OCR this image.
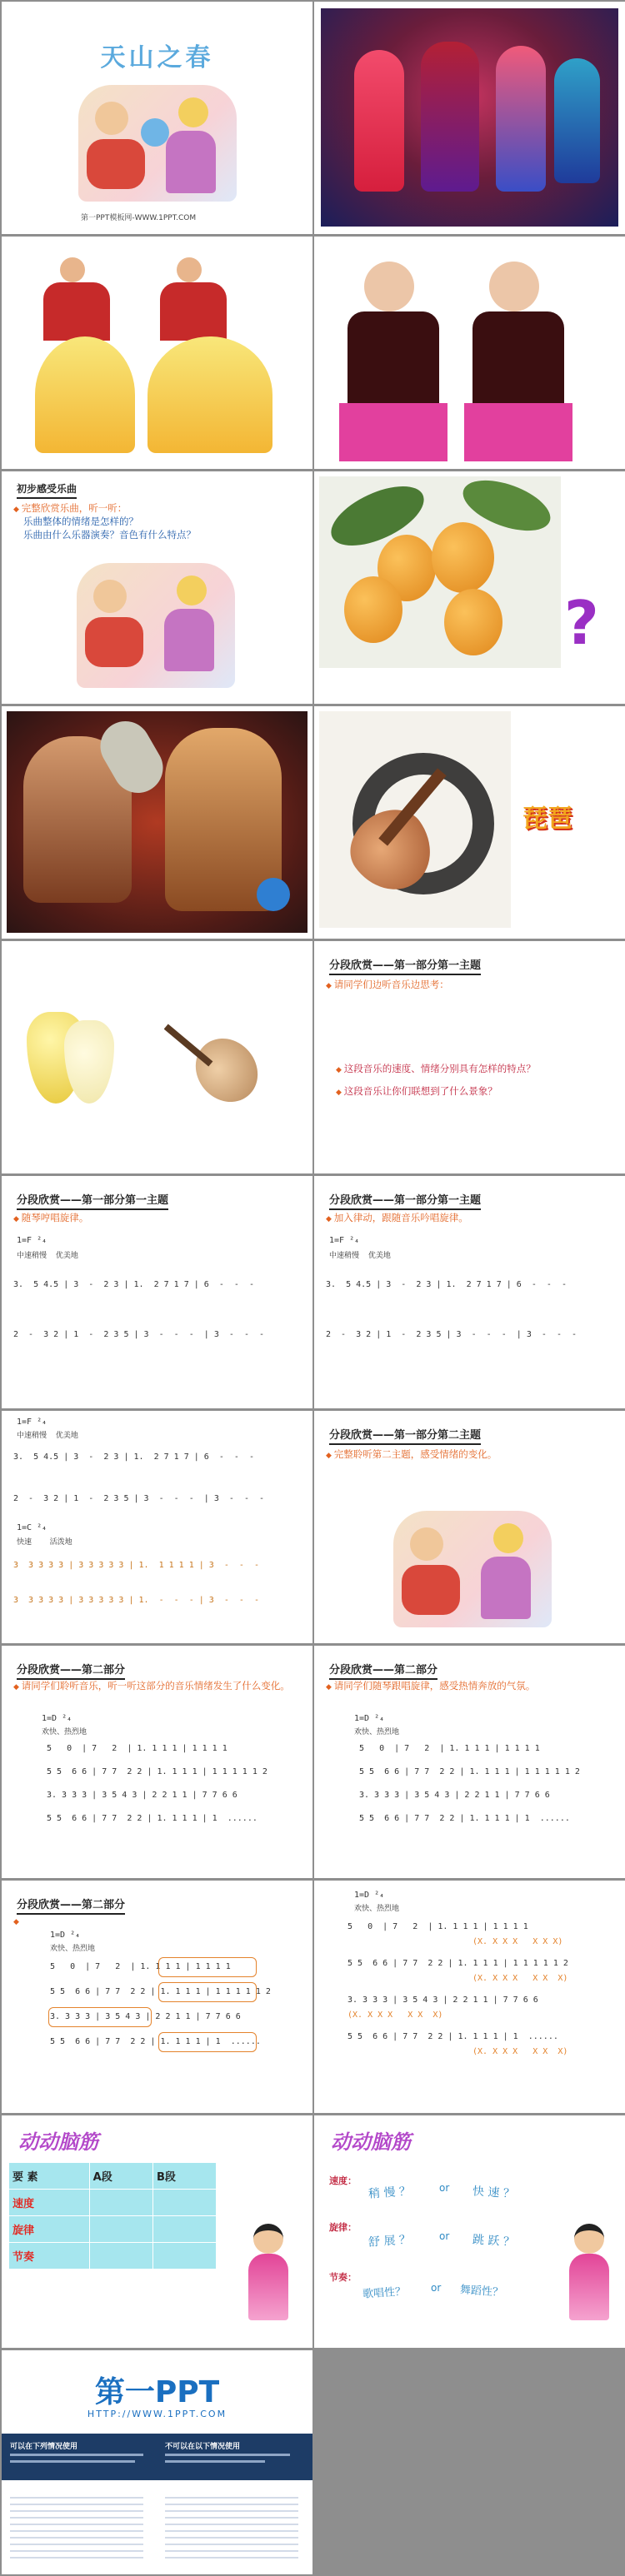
天山之春
第一PPT模板网-WWW.1PPT.COM
初步感受乐曲
◆ 完整欣赏乐曲，听一听：
乐曲整体的情绪是怎样的？
乐曲由什么乐器演奏？音色有什么特点？
?
琵琶
分段欣赏——第一部分第一主题
◆ 请同学们边听音乐边思考：
◆ 这段音乐的速度、情绪分别具有怎样的特点？
◆ 这段音乐让你们联想到了什么景象？
分段欣赏——第一部分第一主题
◆ 随琴哼唱旋律。
1=F ²₄
中速稍慢  优美地
3.  5 4.5 | 3  -  2 3 | 1.  2 7 1 7 | 6  -  -  -
2  -  3 2 | 1  -  2 3 5 | 3  -  -  -  | 3  -  -  -
分段欣赏——第一部分第一主题
◆ 加入律动，跟随音乐吟唱旋律。
1=F ²₄
中速稍慢  优美地
3.  5 4.5 | 3  -  2 3 | 1.  2 7 1 7 | 6  -  -  -
2  -  3 2 | 1  -  2 3 5 | 3  -  -  -  | 3  -  -  -
1=F ²₄
中速稍慢  优美地
3.  5 4.5 | 3  -  2 3 | 1.  2 7 1 7 | 6  -  -  -
2  -  3 2 | 1  -  2 3 5 | 3  -  -  -  | 3  -  -  -
1=C ²₄
快速    活泼地
3  3 3 3 3 | 3 3 3 3 3 | 1.  1 1 1 1 | 3  -  -  -
3  3 3 3 3 | 3 3 3 3 3 | 1.  -  -  - | 3  -  -  -
分段欣赏——第一部分第二主题
◆ 完整聆听第二主题，感受情绪的变化。
分段欣赏——第二部分
◆ 请同学们聆听音乐，听一听这部分的音乐情绪发生了什么变化。
1=D ²₄
欢快、热烈地
5   0  | 7   2  | 1. 1 1 1 | 1 1 1 1
5 5  6 6 | 7 7  2 2 | 1. 1 1 1 | 1 1 1 1 1 2
3. 3 3 3 | 3 5 4 3 | 2 2 1 1 | 7 7 6 6
5 5  6 6 | 7 7  2 2 | 1. 1 1 1 | 1  ......
分段欣赏——第二部分
◆ 请同学们随琴跟唱旋律，感受热情奔放的气氛。
1=D ²₄
欢快、热烈地
5   0  | 7   2  | 1. 1 1 1 | 1 1 1 1
5 5  6 6 | 7 7  2 2 | 1. 1 1 1 | 1 1 1 1 1 2
3. 3 3 3 | 3 5 4 3 | 2 2 1 1 | 7 7 6 6
5 5  6 6 | 7 7  2 2 | 1. 1 1 1 | 1  ......
分段欣赏——第二部分
◆
1=D ²₄
欢快、热烈地
5   0  | 7   2  | 1. 1 1 1 | 1 1 1 1
5 5  6 6 | 7 7  2 2 | 1. 1 1 1 | 1 1 1 1 1 2
3. 3 3 3 | 3 5 4 3 | 2 2 1 1 | 7 7 6 6
5 5  6 6 | 7 7  2 2 | 1. 1 1 1 | 1  ......
1=D ²₄
欢快、热烈地
5   0  | 7   2  | 1. 1 1 1 | 1 1 1 1
(X. X X X   X X X)
5 5  6 6 | 7 7  2 2 | 1. 1 1 1 | 1 1 1 1 1 2
(X. X X X   X X  X)
3. 3 3 3 | 3 5 4 3 | 2 2 1 1 | 7 7 6 6
(X. X X X   X X  X)
5 5  6 6 | 7 7  2 2 | 1. 1 1 1 | 1  ......
(X. X X X   X X  X)
动动脑筋
要 素	A段	B段
速度		
旋律		
节奏		
动动脑筋
速度：
稍 慢 ？	or 快 速 ？
旋律：
舒 展 ？	or 跳 跃 ？
节奏：
歌唱性？ or 舞蹈性？
第一PPT
HTTP://WWW.1PPT.COM
可以在下列情况使用	不可以在以下情况使用
